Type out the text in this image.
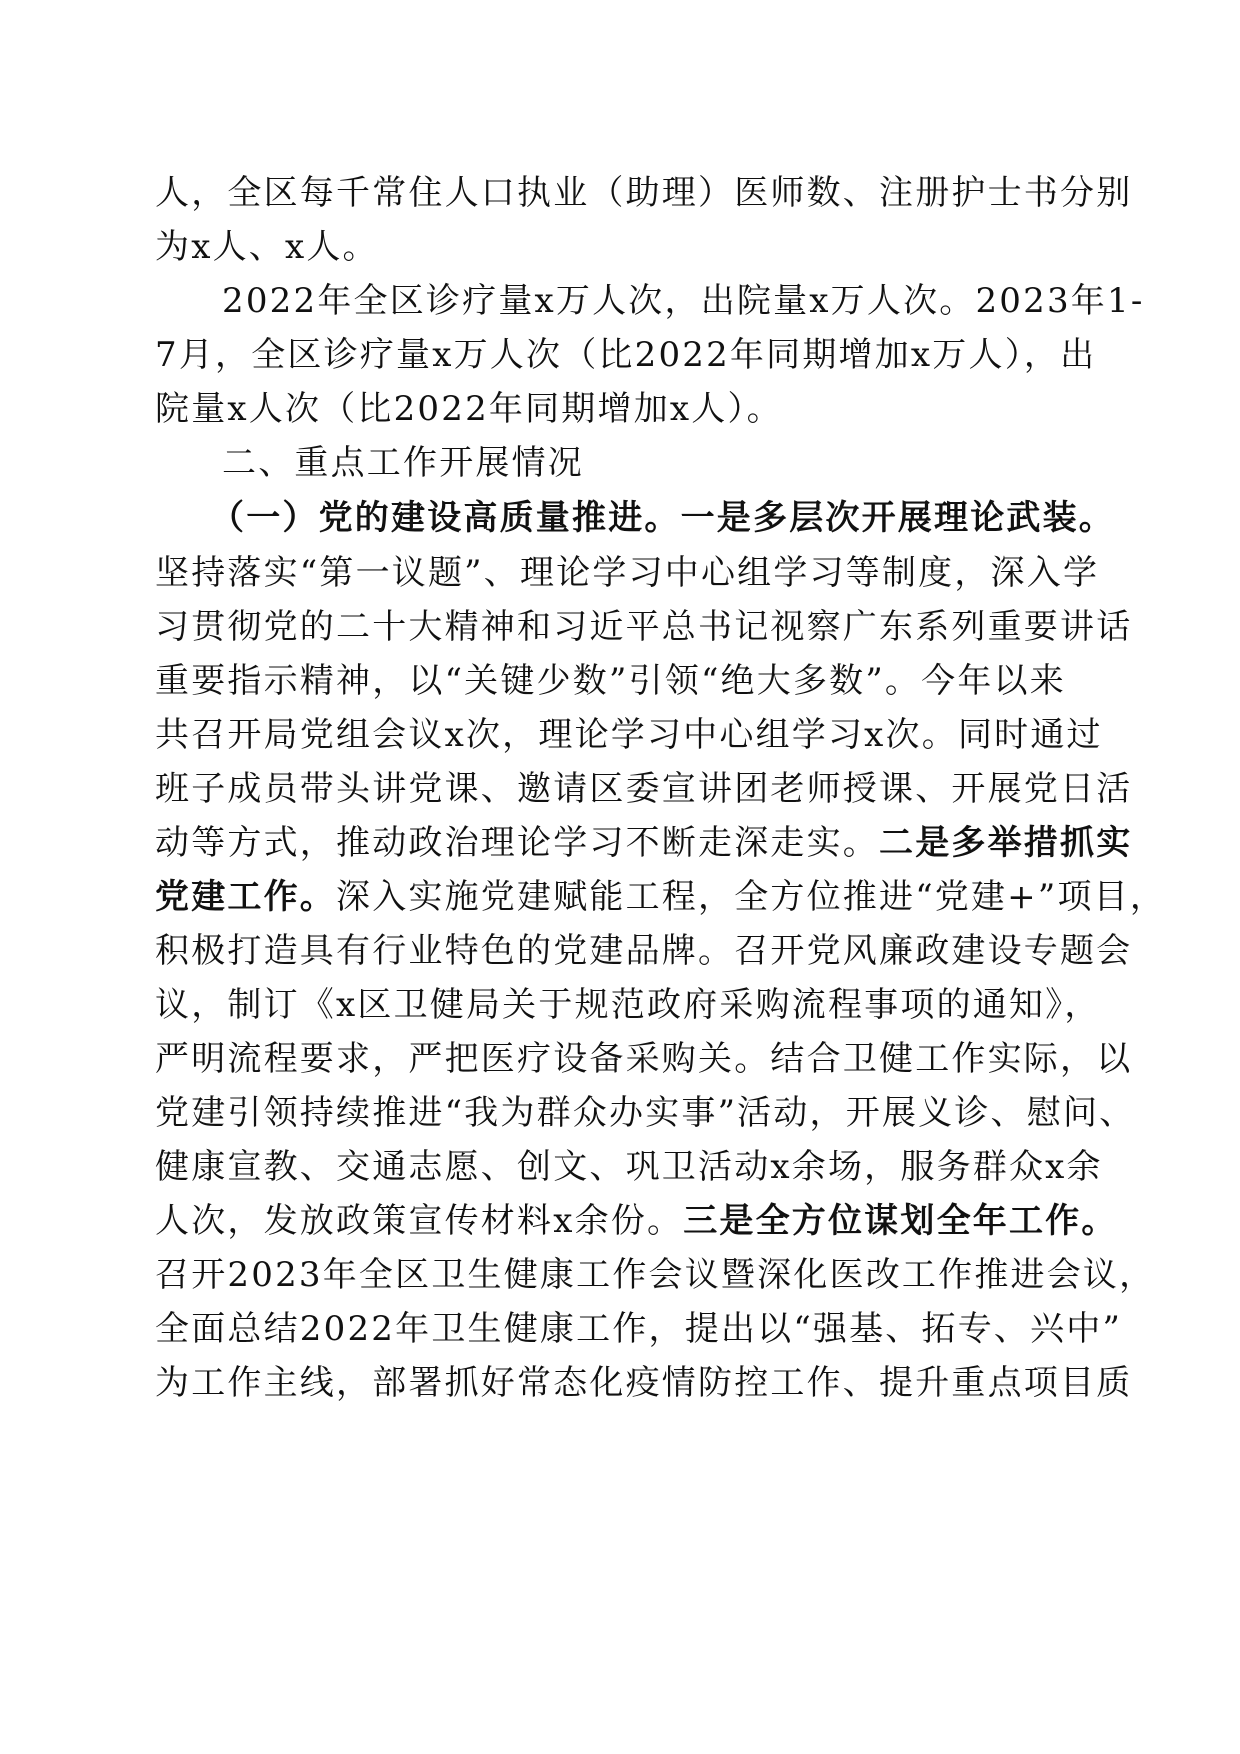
人，全区每千常住人口执业（助理）医师数、注册护士书分别
为x人、x人。
2022年全区诊疗量x万人次，出院量x万人次。2023年1-
7月，全区诊疗量x万人次（比2022年同期增加x万人），出
院量x人次（比2022年同期增加x人）。
二、重点工作开展情况
（一）党的建设高质量推进。一是多层次开展理论武装。
坚持落实“第一议题”、理论学习中心组学习等制度，深入学
习贯彻党的二十大精神和习近平总书记视察广东系列重要讲话
重要指示精神，以“关键少数”引领“绝大多数”。今年以来
共召开局党组会议x次，理论学习中心组学习x次。同时通过
班子成员带头讲党课、邀请区委宣讲团老师授课、开展党日活
动等方式，推动政治理论学习不断走深走实。二是多举措抓实
党建工作。深入实施党建赋能工程，全方位推进“党建+”项目，
积极打造具有行业特色的党建品牌。召开党风廉政建设专题会
议，制订《x区卫健局关于规范政府采购流程事项的通知》，
严明流程要求，严把医疗设备采购关。结合卫健工作实际，以
党建引领持续推进“我为群众办实事”活动，开展义诊、慰问、
健康宣教、交通志愿、创文、巩卫活动x余场，服务群众x余
人次，发放政策宣传材料x余份。三是全方位谋划全年工作。
召开2023年全区卫生健康工作会议暨深化医改工作推进会议，
全面总结2022年卫生健康工作，提出以“强基、拓专、兴中”
为工作主线，部署抓好常态化疫情防控工作、提升重点项目质
